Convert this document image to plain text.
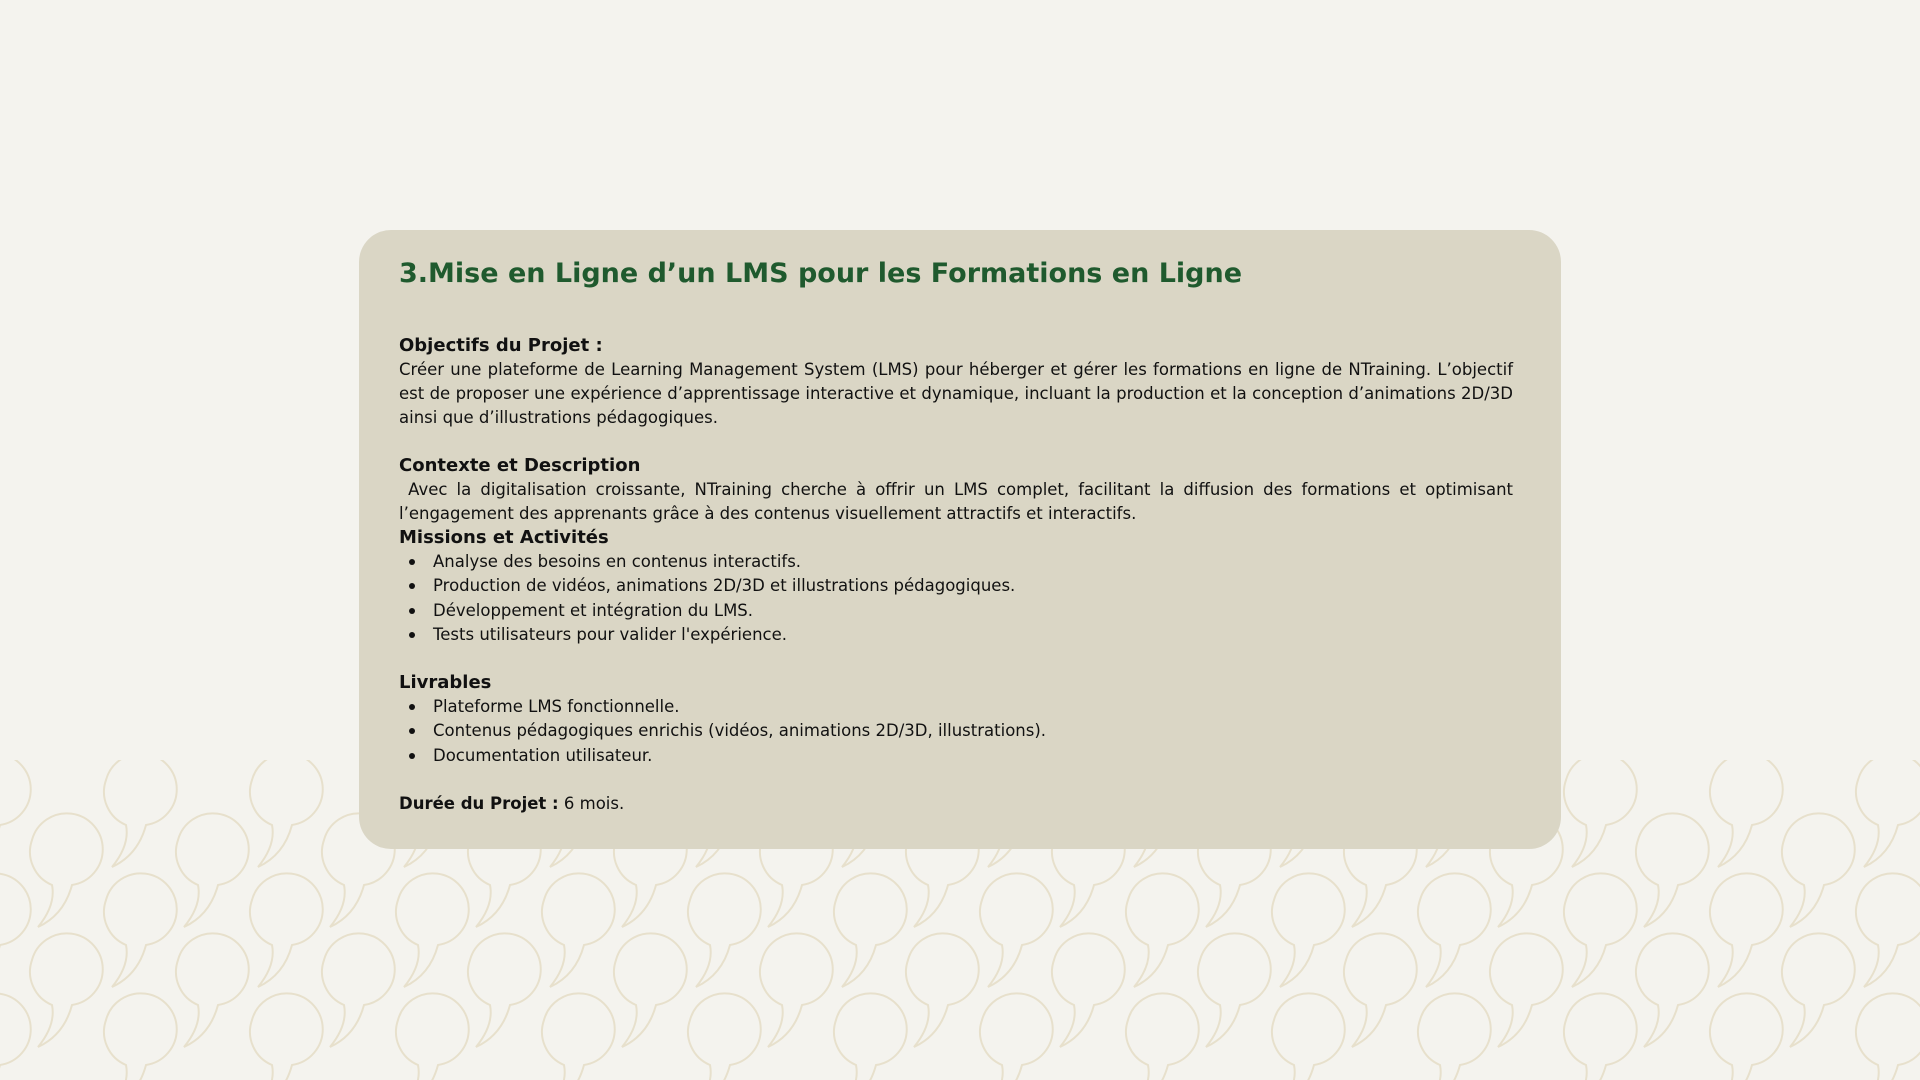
3.Mise en Ligne d’un LMS pour les Formations en Ligne

Objectifs du Projet :

Créer une plateforme de Learning Management System (LMS) pour héberger et gérer les formations en ligne de NTraining. L’objectif est de proposer une expérience d’apprentissage interactive et dynamique, incluant la production et la conception d’animations 2D/3D ainsi que d’illustrations pédagogiques.

Contexte et Description

Avec la digitalisation croissante, NTraining cherche à offrir un LMS complet, facilitant la diffusion des formations et optimisant l’engagement des apprenants grâce à des contenus visuellement attractifs et interactifs.

Missions et Activités

Analyse des besoins en contenus interactifs.
Production de vidéos, animations 2D/3D et illustrations pédagogiques.
Développement et intégration du LMS.
Tests utilisateurs pour valider l'expérience.

Livrables

Plateforme LMS fonctionnelle.
Contenus pédagogiques enrichis (vidéos, animations 2D/3D, illustrations).
Documentation utilisateur.

Durée du Projet : 6 mois.
